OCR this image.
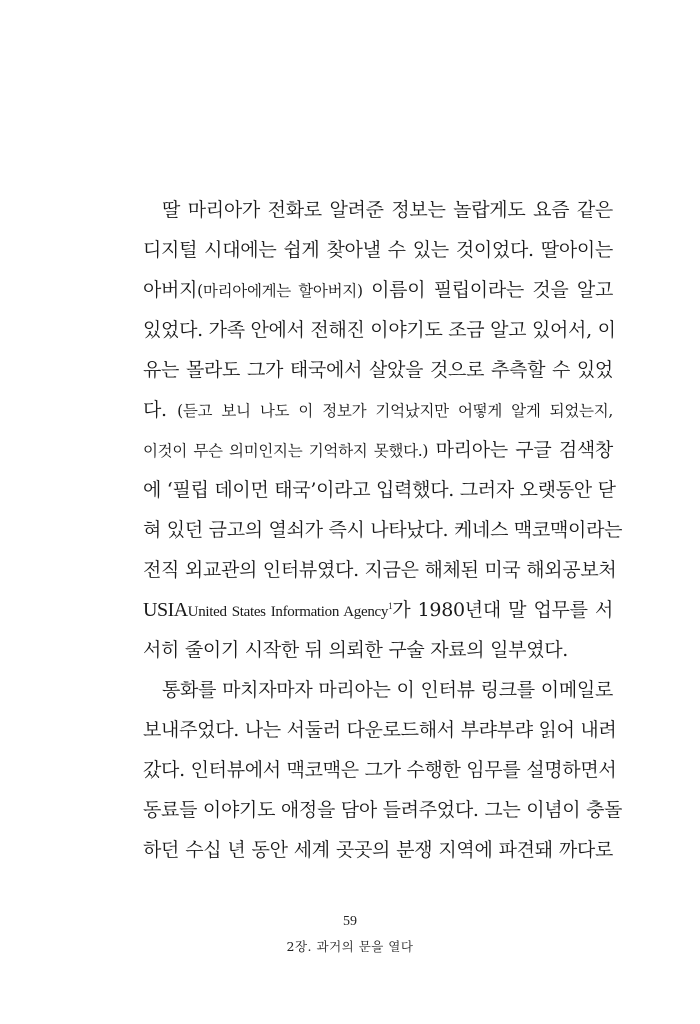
딸 마리아가 전화로 알려준 정보는 놀랍게도 요즘 같은
디지털 시대에는 쉽게 찾아낼 수 있는 것이었다. 딸아이는
아버지(마리아에게는 할아버지) 이름이 필립이라는 것을 알고
있었다. 가족 안에서 전해진 이야기도 조금 알고 있어서, 이
유는 몰라도 그가 태국에서 살았을 것으로 추측할 수 있었
다. (듣고 보니 나도 이 정보가 기억났지만 어떻게 알게 되었는지,
이것이 무슨 의미인지는 기억하지 못했다.) 마리아는 구글 검색창
에 ‘필립 데이먼 태국’이라고 입력했다. 그러자 오랫동안 닫
혀 있던 금고의 열쇠가 즉시 나타났다. 케네스 맥코맥이라는
전직 외교관의 인터뷰였다. 지금은 해체된 미국 해외공보처
USIAUnited States Information Agency$^1$가 1980년대 말 업무를 서
서히 줄이기 시작한 뒤 의뢰한 구술 자료의 일부였다.
통화를 마치자마자 마리아는 이 인터뷰 링크를 이메일로
보내주었다. 나는 서둘러 다운로드해서 부랴부랴 읽어 내려
갔다. 인터뷰에서 맥코맥은 그가 수행한 임무를 설명하면서
동료들 이야기도 애정을 담아 들려주었다. 그는 이념이 충돌
하던 수십 년 동안 세계 곳곳의 분쟁 지역에 파견돼 까다로
59
2장. 과거의 문을 열다
